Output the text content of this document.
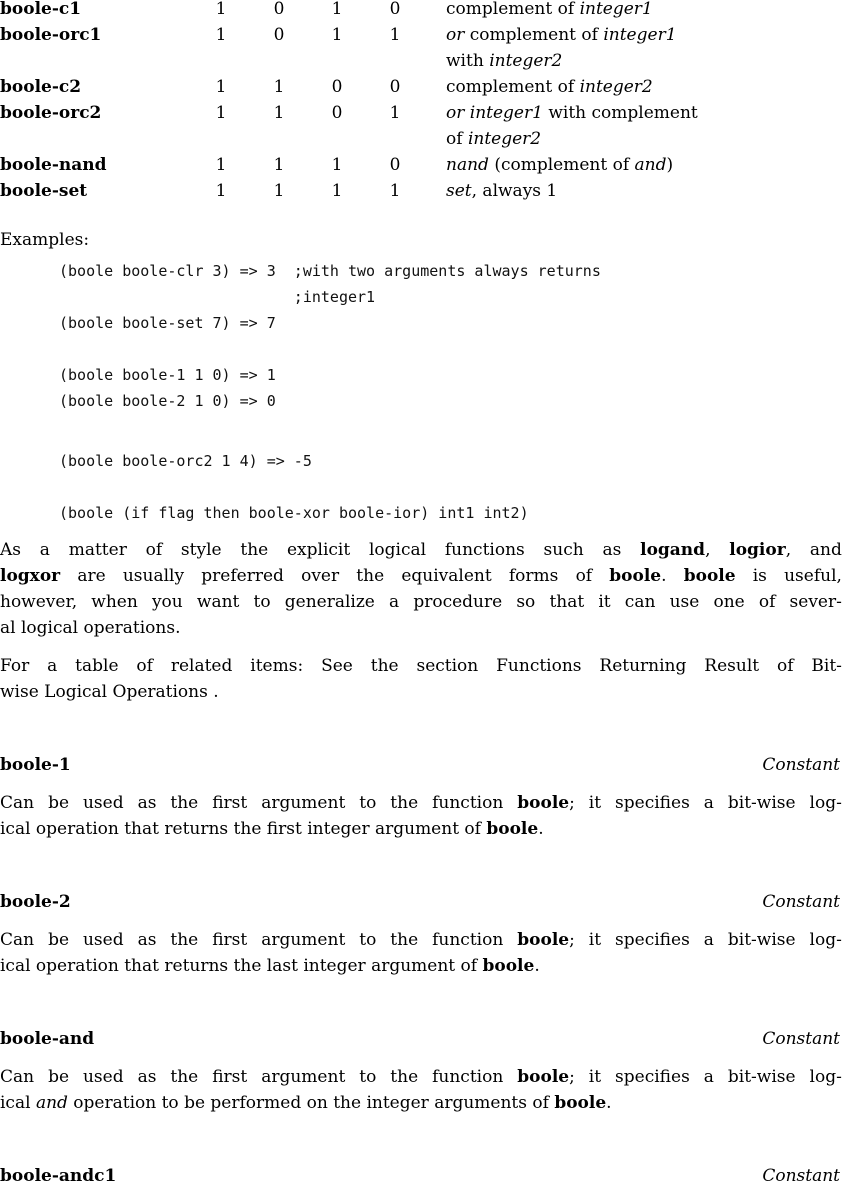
boole-c1	1	0	1	0	complement of integer1
boole-orc1	1	0	1	1	or complement of integer1
with integer2
boole-c2	1	1	0	0	complement of integer2
boole-orc2	1	1	0	1	or integer1 with complement
of integer2
boole-nand	1	1	1	0	nand (complement of and)
boole-set	1	1	1	1	set, always 1
Examples:
(boole boole-clr 3) => 3  ;with two arguments always returns
;integer1
(boole boole-set 7) => 7
(boole boole-1 1 0) => 1
(boole boole-2 1 0) => 0
(boole boole-orc2 1 4) => -5
(boole (if flag then boole-xor boole-ior) int1 int2)
As a matter of style the explicit logical functions such as logand, logior, and
logxor are usually preferred over the equivalent forms of boole. boole is useful,
however, when you want to generalize a procedure so that it can use one of sever-
al logical operations.
For a table of related items: See the section Functions Returning Result of Bit-
wise Logical Operations .
boole-1	Constant
Can be used as the first argument to the function boole; it specifies a bit-wise log-
ical operation that returns the first integer argument of boole.
boole-2	Constant
Can be used as the first argument to the function boole; it specifies a bit-wise log-
ical operation that returns the last integer argument of boole.
boole-and	Constant
Can be used as the first argument to the function boole; it specifies a bit-wise log-
ical and operation to be performed on the integer arguments of boole.
boole-andc1	Constant
